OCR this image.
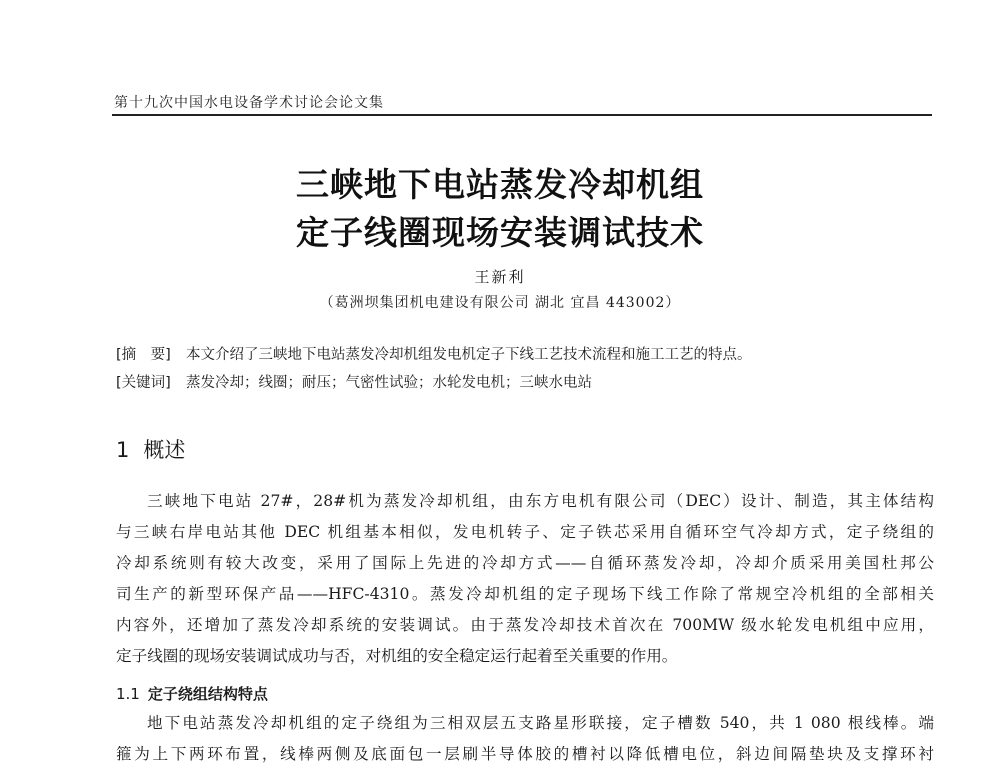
第十九次中国水电设备学术讨论会论文集
三峡地下电站蒸发冷却机组
定子线圈现场安装调试技术
王新利
（葛洲坝集团机电建设有限公司 湖北 宜昌 443002）
[摘　要] 本文介绍了三峡地下电站蒸发冷却机组发电机定子下线工艺技术流程和施工工艺的特点。
[关键词] 蒸发冷却；线圈；耐压；气密性试验；水轮发电机；三峡水电站
1 概述
三峡地下电站 27#，28#机为蒸发冷却机组，由东方电机有限公司（DEC）设计、制造，其主体结构
与三峡右岸电站其他 DEC 机组基本相似，发电机转子、定子铁芯采用自循环空气冷却方式，定子绕组的
冷却系统则有较大改变，采用了国际上先进的冷却方式——自循环蒸发冷却，冷却介质采用美国杜邦公
司生产的新型环保产品——HFC-4310。蒸发冷却机组的定子现场下线工作除了常规空冷机组的全部相关
内容外，还增加了蒸发冷却系统的安装调试。由于蒸发冷却技术首次在 700MW 级水轮发电机组中应用，
定子线圈的现场安装调试成功与否，对机组的安全稳定运行起着至关重要的作用。
1.1 定子绕组结构特点
地下电站蒸发冷却机组的定子绕组为三相双层五支路星形联接，定子槽数 540，共 1 080 根线棒。端
箍为上下两环布置，线棒两侧及底面包一层刷半导体胶的槽衬以降低槽电位，斜边间隔垫块及支撑环衬
